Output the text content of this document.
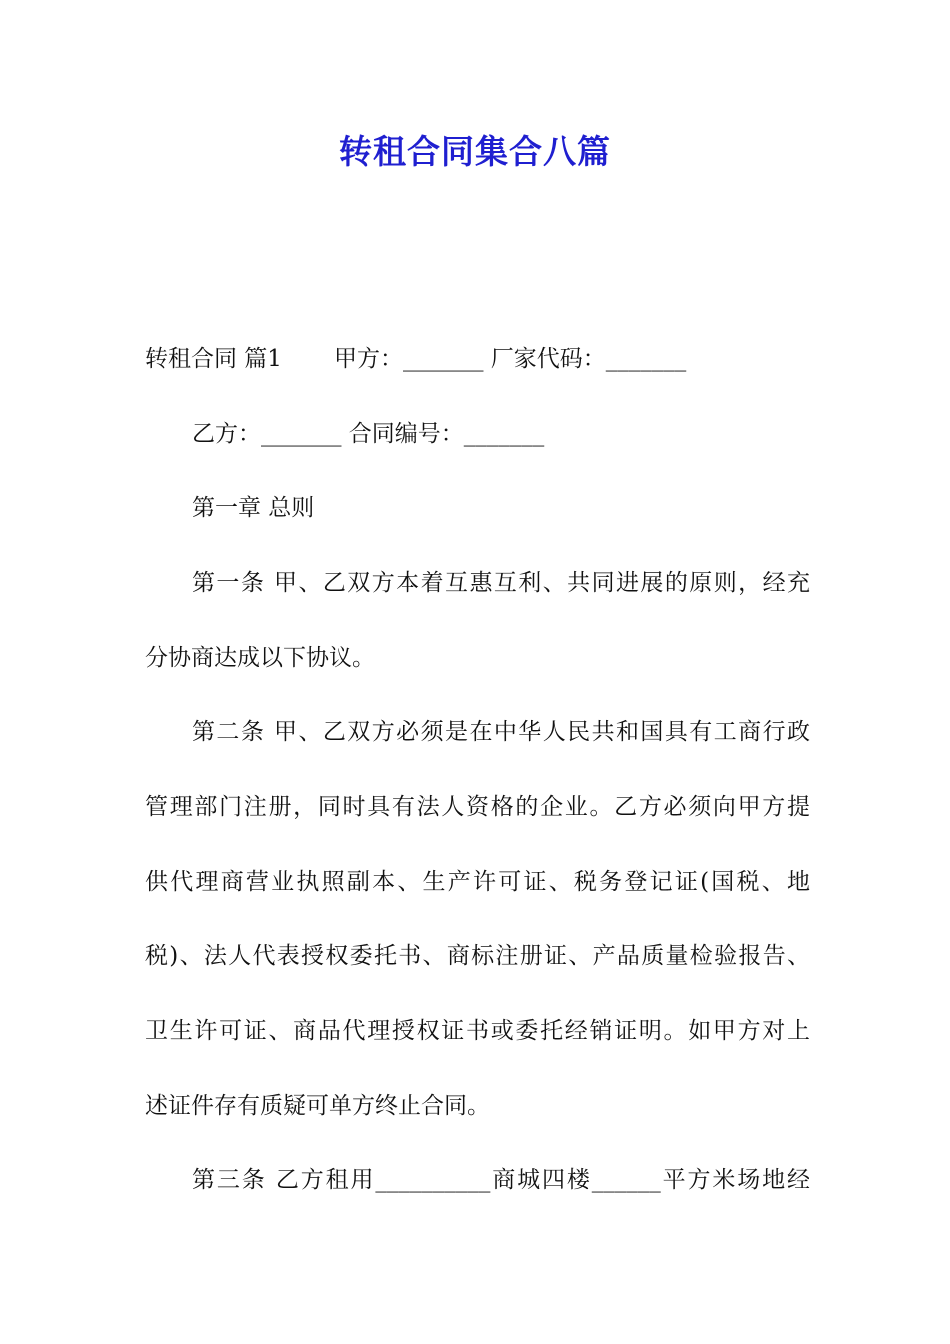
转租合同集合八篇
转租合同 篇1 甲方：_______ 厂家代码：_______
乙方：_______ 合同编号：_______
第一章 总则
第一条 甲、乙双方本着互惠互利、共同进展的原则，经充
分协商达成以下协议。
第二条 甲、乙双方必须是在中华人民共和国具有工商行政
管理部门注册，同时具有法人资格的企业。乙方必须向甲方提
供代理商营业执照副本、生产许可证、税务登记证(国税、地
税)、法人代表授权委托书、商标注册证、产品质量检验报告、
卫生许可证、商品代理授权证书或委托经销证明。如甲方对上
述证件存有质疑可单方终止合同。
第三条 乙方租用__________商城四楼______平方米场地经
